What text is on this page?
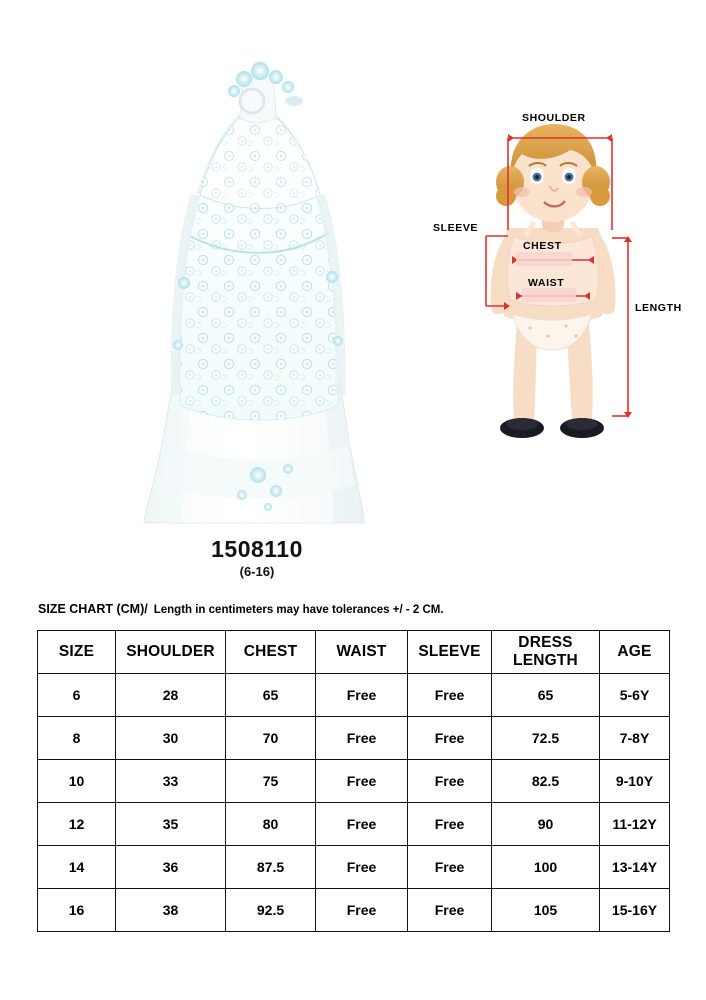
1508110
(6-16)
SHOULDER
SLEEVE
CHEST
WAIST
LENGTH
SIZE CHART (CM)/ Length in centimeters may have tolerances +/ - 2 CM.
SIZE	SHOULDER	CHEST	WAIST	SLEEVE	DRESS LENGTH	AGE
6	28	65	Free	Free	65	5-6Y
8	30	70	Free	Free	72.5	7-8Y
10	33	75	Free	Free	82.5	9-10Y
12	35	80	Free	Free	90	11-12Y
14	36	87.5	Free	Free	100	13-14Y
16	38	92.5	Free	Free	105	15-16Y
